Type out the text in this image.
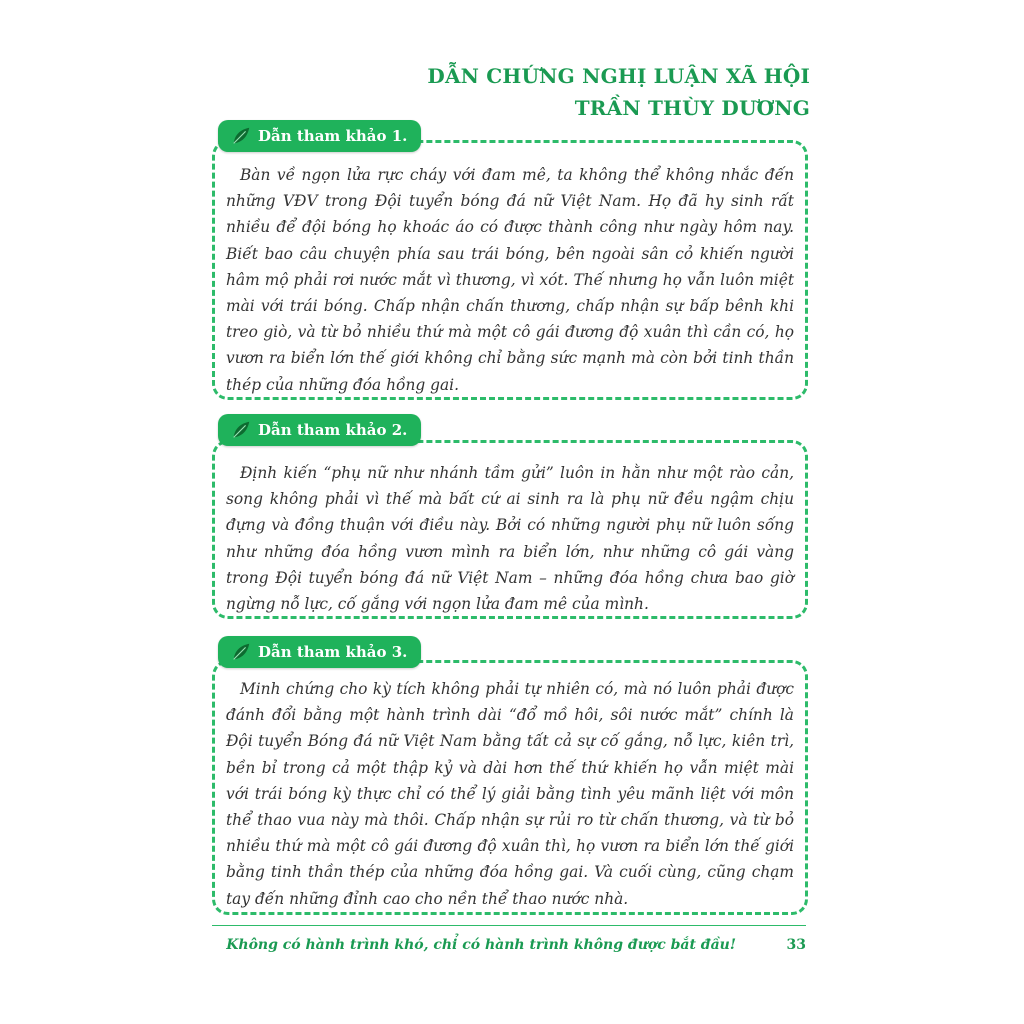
DẪN CHỨNG NGHỊ LUẬN XÃ HỘI
TRẦN THÙY DƯƠNG
Dẫn tham khảo 1.

Bàn về ngọn lửa rực cháy với đam mê, ta không thể không nhắc đến những VĐV trong Đội tuyển bóng đá nữ Việt Nam. Họ đã hy sinh rất nhiều để đội bóng họ khoác áo có được thành công như ngày hôm nay. Biết bao câu chuyện phía sau trái bóng, bên ngoài sân cỏ khiến người hâm mộ phải rơi nước mắt vì thương, vì xót. Thế nhưng họ vẫn luôn miệt mài với trái bóng. Chấp nhận chấn thương, chấp nhận sự bấp bênh khi treo giò, và từ bỏ nhiều thứ mà một cô gái đương độ xuân thì cần có, họ vươn ra biển lớn thế giới không chỉ bằng sức mạnh mà còn bởi tinh thần thép của những đóa hồng gai.

Dẫn tham khảo 2.

Định kiến “phụ nữ như nhánh tầm gửi” luôn in hằn như một rào cản, song không phải vì thế mà bất cứ ai sinh ra là phụ nữ đều ngậm chịu đựng và đồng thuận với điều này. Bởi có những người phụ nữ luôn sống như những đóa hồng vươn mình ra biển lớn, như những cô gái vàng trong Đội tuyển bóng đá nữ Việt Nam – những đóa hồng chưa bao giờ ngừng nỗ lực, cố gắng với ngọn lửa đam mê của mình.

Dẫn tham khảo 3.

Minh chứng cho kỳ tích không phải tự nhiên có, mà nó luôn phải được đánh đổi bằng một hành trình dài “đổ mồ hôi, sôi nước mắt” chính là Đội tuyển Bóng đá nữ Việt Nam bằng tất cả sự cố gắng, nỗ lực, kiên trì, bền bỉ trong cả một thập kỷ và dài hơn thế thứ khiến họ vẫn miệt mài với trái bóng kỳ thực chỉ có thể lý giải bằng tình yêu mãnh liệt với môn thể thao vua này mà thôi. Chấp nhận sự rủi ro từ chấn thương, và từ bỏ nhiều thứ mà một cô gái đương độ xuân thì, họ vươn ra biển lớn thế giới bằng tinh thần thép của những đóa hồng gai. Và cuối cùng, cũng chạm tay đến những đỉnh cao cho nền thể thao nước nhà.

Không có hành trình khó, chỉ có hành trình không được bắt đầu!	33
